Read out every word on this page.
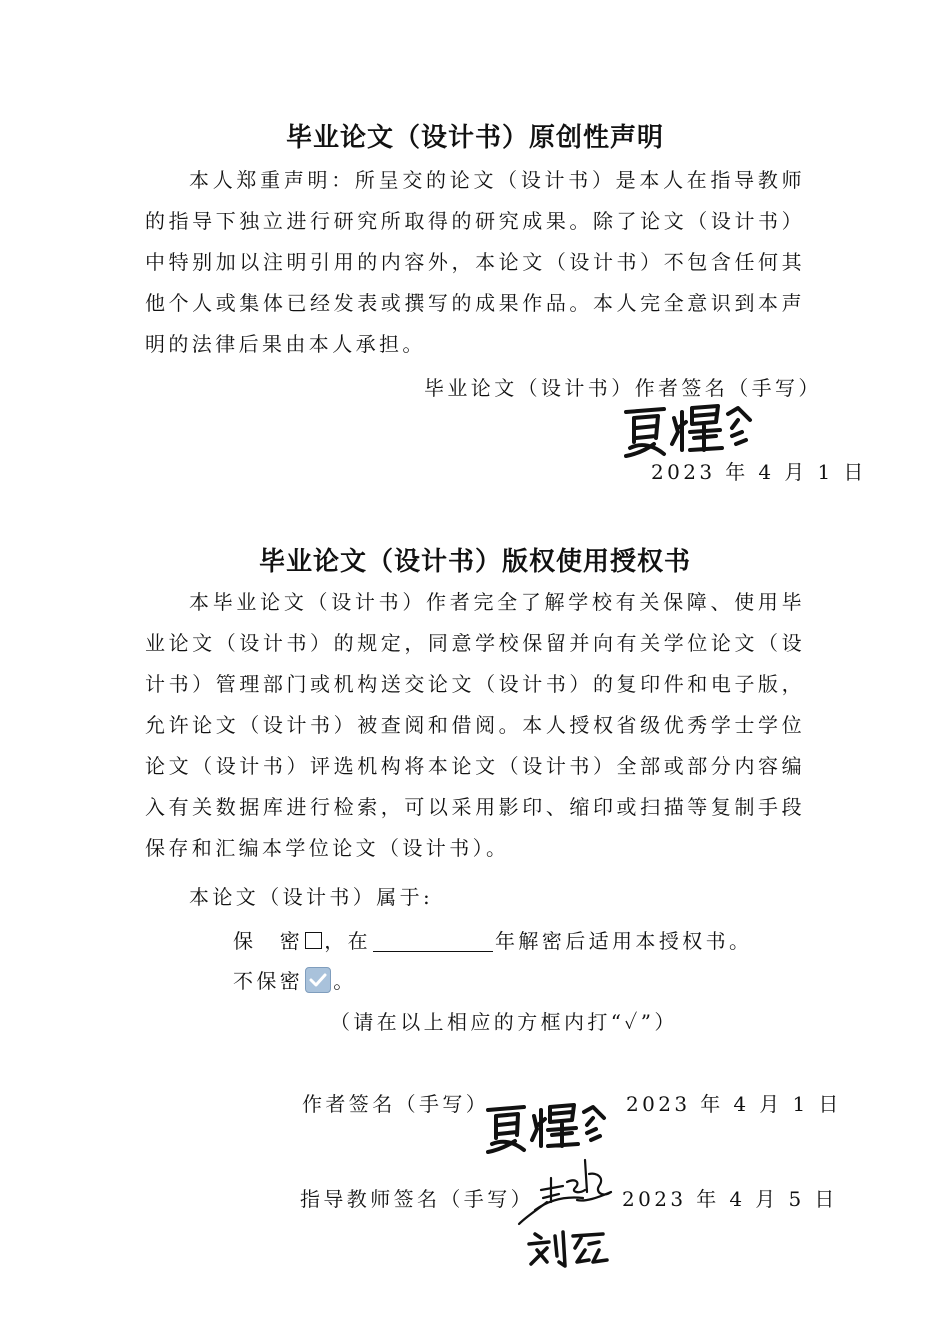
毕业论文（设计书）原创性声明

本人郑重声明：所呈交的论文（设计书）是本人在指导教师的指导下独立进行研究所取得的研究成果。除了论文（设计书）中特别加以注明引用的内容外，本论文（设计书）不包含任何其他个人或集体已经发表或撰写的成果作品。本人完全意识到本声明的法律后果由本人承担。

毕业论文（设计书）作者签名（手写）

2023 年 4 月 1 日

毕业论文（设计书）版权使用授权书

本毕业论文（设计书）作者完全了解学校有关保障、使用毕业论文（设计书）的规定，同意学校保留并向有关学位论文（设计书）管理部门或机构送交论文（设计书）的复印件和电子版，允许论文（设计书）被查阅和借阅。本人授权省级优秀学士学位论文（设计书）评选机构将本论文（设计书）全部或部分内容编入有关数据库进行检索，可以采用影印、缩印或扫描等复制手段保存和汇编本学位论文（设计书）。

本论文（设计书）属于:

保　密 ，在	年解密后适用本授权书。

不保密 。

（请在以上相应的方框内打“✓”）

作者签名（手写）	2023 年 4 月 1 日

指导教师签名（手写）	2023 年 4 月 5 日
